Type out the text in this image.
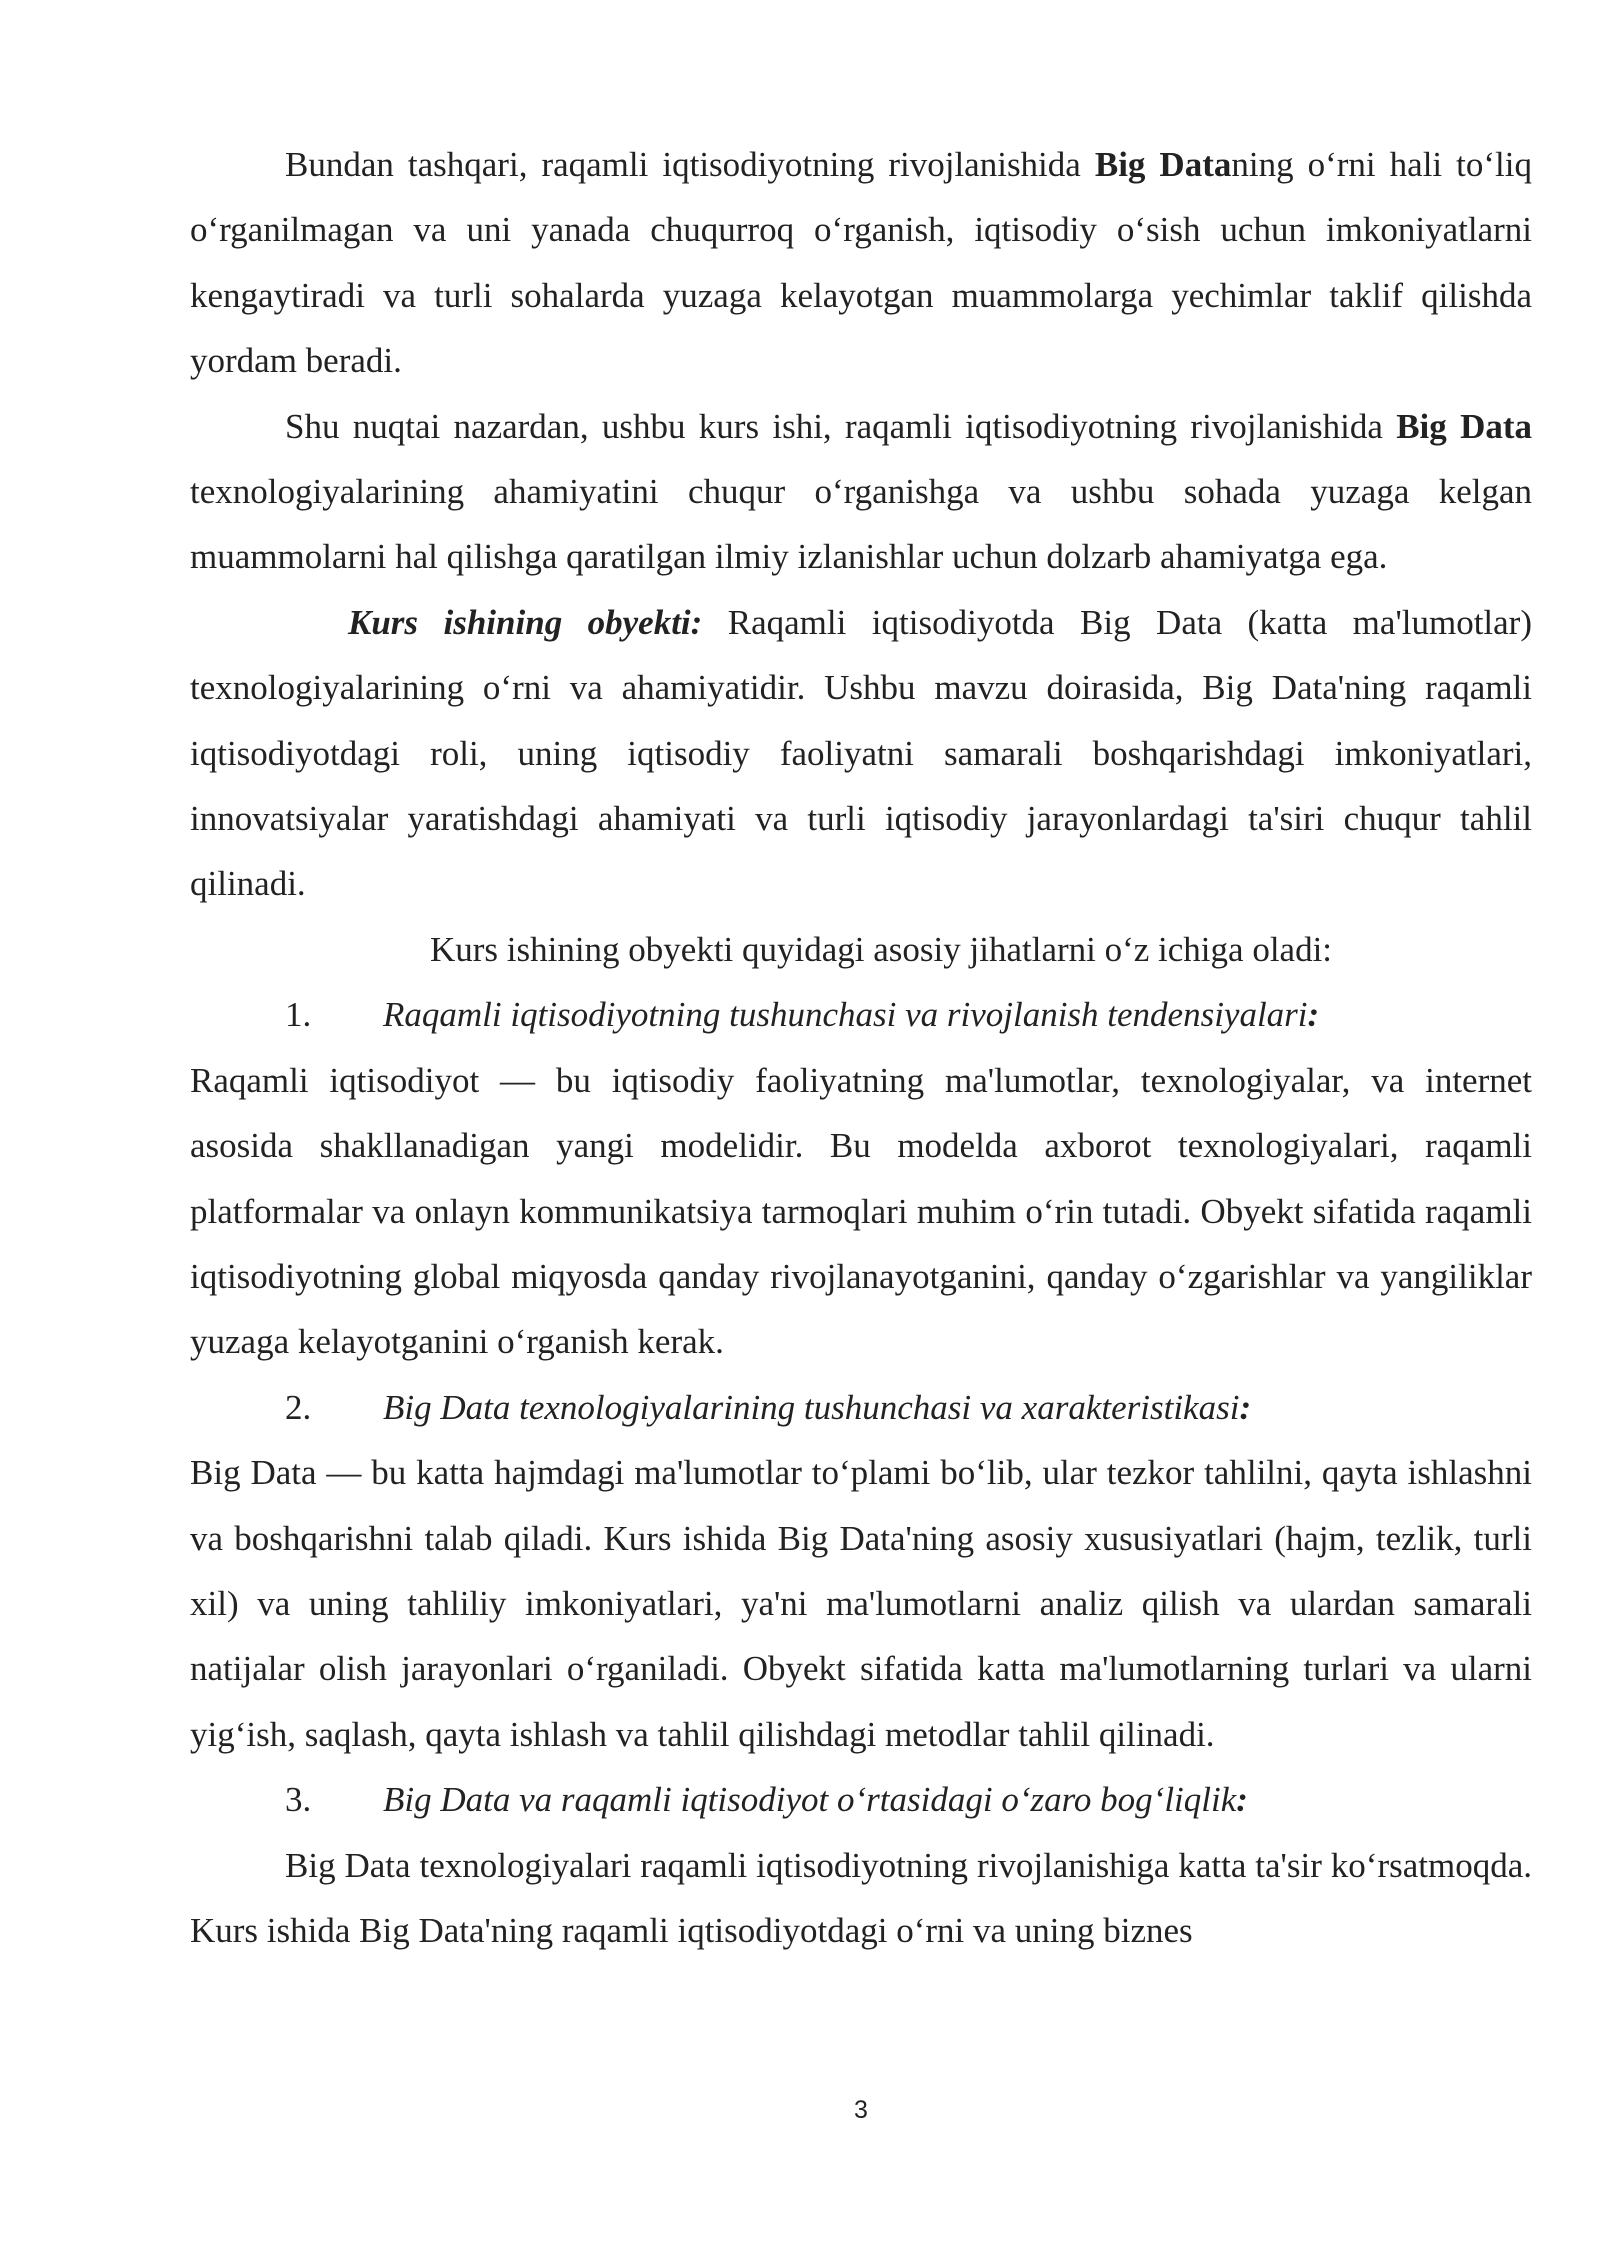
Bundan tashqari, raqamli iqtisodiyotning rivojlanishida Big Dataning oʻrni hali toʻliq oʻrganilmagan va uni yanada chuqurroq oʻrganish, iqtisodiy oʻsish uchun imkoniyatlarni kengaytiradi va turli sohalarda yuzaga kelayotgan muammolarga yechimlar taklif qilishda yordam beradi.

Shu nuqtai nazardan, ushbu kurs ishi, raqamli iqtisodiyotning rivojlanishida Big Data texnologiyalarining ahamiyatini chuqur oʻrganishga va ushbu sohada yuzaga kelgan muammolarni hal qilishga qaratilgan ilmiy izlanishlar uchun dolzarb ahamiyatga ega.

Kurs ishining obyekti: Raqamli iqtisodiyotda Big Data (katta ma'lumotlar) texnologiyalarining oʻrni va ahamiyatidir. Ushbu mavzu doirasida, Big Data'ning raqamli iqtisodiyotdagi roli, uning iqtisodiy faoliyatni samarali boshqarishdagi imkoniyatlari, innovatsiyalar yaratishdagi ahamiyati va turli iqtisodiy jarayonlardagi ta'siri chuqur tahlil qilinadi.

Kurs ishining obyekti quyidagi asosiy jihatlarni oʻz ichiga oladi:

1. Raqamli iqtisodiyotning tushunchasi va rivojlanish tendensiyalari:

Raqamli iqtisodiyot — bu iqtisodiy faoliyatning ma'lumotlar, texnologiyalar, va internet asosida shakllanadigan yangi modelidir. Bu modelda axborot texnologiyalari, raqamli platformalar va onlayn kommunikatsiya tarmoqlari muhim oʻrin tutadi. Obyekt sifatida raqamli iqtisodiyotning global miqyosda qanday rivojlanayotganini, qanday oʻzgarishlar va yangiliklar yuzaga kelayotganini oʻrganish kerak.

2. Big Data texnologiyalarining tushunchasi va xarakteristikasi:

Big Data — bu katta hajmdagi ma'lumotlar toʻplami boʻlib, ular tezkor tahlilni, qayta ishlashni va boshqarishni talab qiladi. Kurs ishida Big Data'ning asosiy xususiyatlari (hajm, tezlik, turli xil) va uning tahliliy imkoniyatlari, ya'ni ma'lumotlarni analiz qilish va ulardan samarali natijalar olish jarayonlari oʻrganiladi. Obyekt sifatida katta ma'lumotlarning turlari va ularni yigʻish, saqlash, qayta ishlash va tahlil qilishdagi metodlar tahlil qilinadi.

3. Big Data va raqamli iqtisodiyot oʻrtasidagi oʻzaro bogʻliqlik:

Big Data texnologiyalari raqamli iqtisodiyotning rivojlanishiga katta ta'sir koʻrsatmoqda. Kurs ishida Big Data'ning raqamli iqtisodiyotdagi oʻrni va uning biznes

3
